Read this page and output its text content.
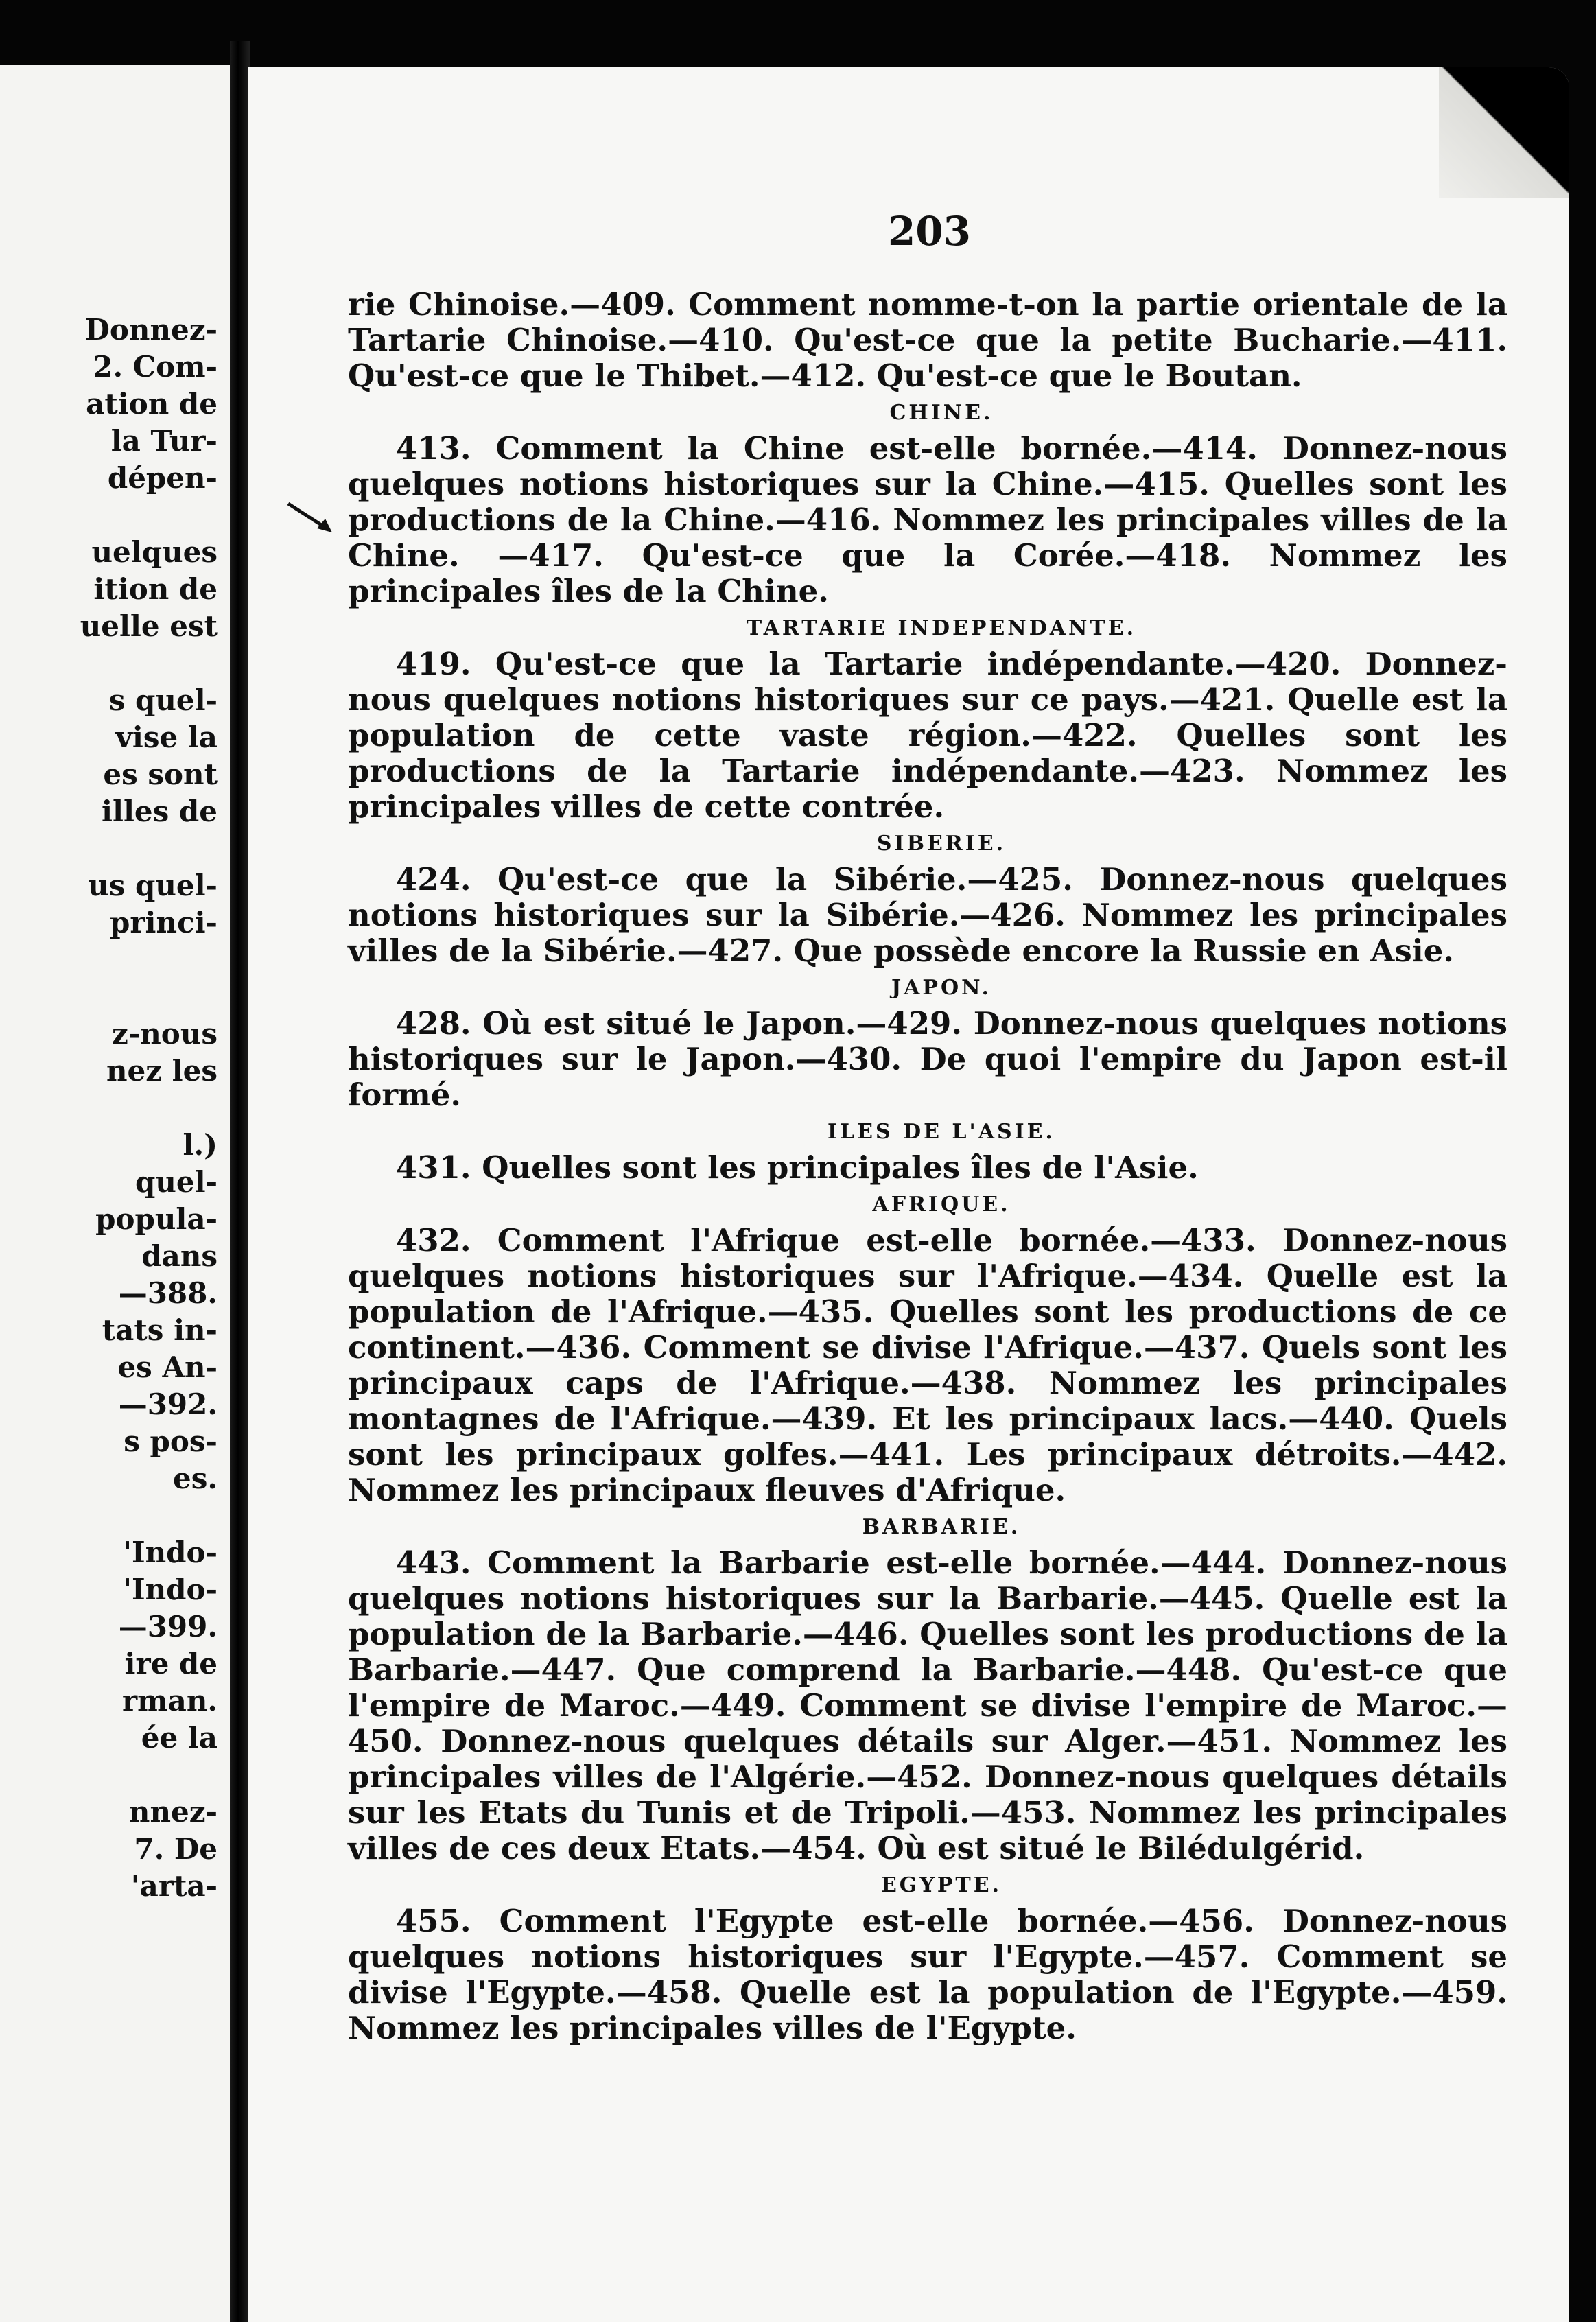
Donnez-
2. Com-
ation de
la Tur-
dépen-
uelques
ition de
uelle est
s quel-
vise la
es sont
illes de
us quel-
princi-
z-nous
nez les
l.)
quel-
popula-
dans
—388.
tats in-
es An-
—392.
s pos-
es.
'Indo-
'Indo-
—399.
ire de
rman.
ée la
nnez-
7. De
'arta-
203

rie Chinoise.—409. Comment nomme-t-on la partie orientale de la Tartarie Chinoise.—410. Qu'est-ce que la petite Bucharie.—411. Qu'est-ce que le Thibet.—412. Qu'est-ce que le Boutan.

CHINE.

413. Comment la Chine est-elle bornée.—414. Donnez-nous quelques notions historiques sur la Chine.—415. Quelles sont les productions de la Chine.—416. Nommez les principales villes de la Chine. —417. Qu'est-ce que la Corée.—418. Nommez les principales îles de la Chine.

TARTARIE INDEPENDANTE.

419. Qu'est-ce que la Tartarie indépendante.—420. Donnez-nous quelques notions historiques sur ce pays.—421. Quelle est la population de cette vaste région.—422. Quelles sont les productions de la Tartarie indépendante.—423. Nommez les principales villes de cette contrée.

SIBERIE.

424. Qu'est-ce que la Sibérie.—425. Donnez-nous quelques notions historiques sur la Sibérie.—426. Nommez les principales villes de la Sibérie.—427. Que possède encore la Russie en Asie.

JAPON.

428. Où est situé le Japon.—429. Donnez-nous quelques notions historiques sur le Japon.—430. De quoi l'empire du Japon est-il formé.

ILES DE L'ASIE.

431. Quelles sont les principales îles de l'Asie.

AFRIQUE.

432. Comment l'Afrique est-elle bornée.—433. Donnez-nous quelques notions historiques sur l'Afrique.—434. Quelle est la population de l'Afrique.—435. Quelles sont les productions de ce continent.—436. Comment se divise l'Afrique.—437. Quels sont les principaux caps de l'Afrique.—438. Nommez les principales montagnes de l'Afrique.—439. Et les principaux lacs.—440. Quels sont les principaux golfes.—441. Les principaux détroits.—442. Nommez les principaux fleuves d'Afrique.

BARBARIE.

443. Comment la Barbarie est-elle bornée.—444. Donnez-nous quelques notions historiques sur la Barbarie.—445. Quelle est la population de la Barbarie.—446. Quelles sont les productions de la Barbarie.—447. Que comprend la Barbarie.—448. Qu'est-ce que l'empire de Maroc.—449. Comment se divise l'empire de Maroc.—450. Donnez-nous quelques détails sur Alger.—451. Nommez les principales villes de l'Algérie.—452. Donnez-nous quelques détails sur les Etats du Tunis et de Tripoli.—453. Nommez les principales villes de ces deux Etats.—454. Où est situé le Bilédulgérid.

EGYPTE.

455. Comment l'Egypte est-elle bornée.—456. Donnez-nous quelques notions historiques sur l'Egypte.—457. Comment se divise l'Egypte.—458. Quelle est la population de l'Egypte.—459. Nommez les principales villes de l'Egypte.
